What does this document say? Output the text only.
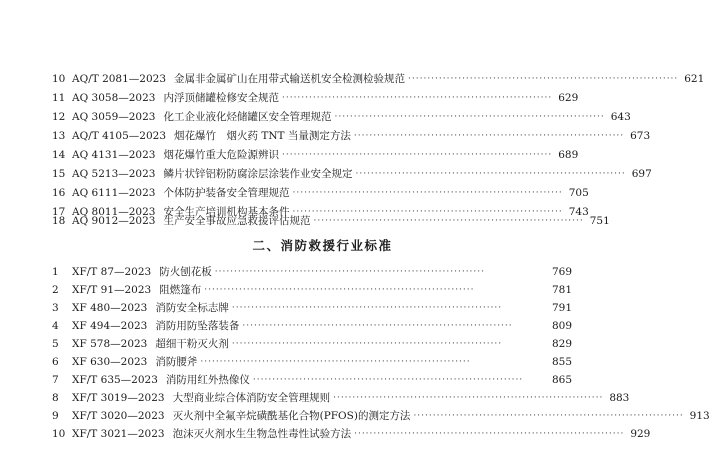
10 AQ/T 2081—2023 金属非金属矿山在用带式输送机安全检测检验规范 ······································································ 621
11 AQ 3058—2023 内浮顶储罐检修安全规范 ······································································ 629
12 AQ 3059—2023 化工企业液化烃储罐区安全管理规范 ······································································ 643
13 AQ/T 4105—2023 烟花爆竹　烟火药 TNT 当量测定方法 ······································································ 673
14 AQ 4131—2023 烟花爆竹重大危险源辨识 ······································································ 689
15 AQ 5213—2023 鳞片状锌铝粉防腐涂层涂装作业安全规定 ······································································ 697
16 AQ 6111—2023 个体防护装备安全管理规范 ······································································ 705
17 AQ 8011—2023 安全生产培训机构基本条件 ······································································ 743
18 AQ 9012—2023 生产安全事故应急救援评估规范 ······································································ 751
二、消防救援行业标准
1	XF/T 87—2023 防火刨花板 ······································································	769
2	XF/T 91—2023 阻燃篷布 ······································································	781
3	XF 480—2023 消防安全标志牌 ······································································	791
4	XF 494—2023 消防用防坠落装备 ······································································	809
5	XF 578—2023 超细干粉灭火剂 ······································································	829
6	XF 630—2023 消防腰斧 ······································································	855
7	XF/T 635—2023 消防用红外热像仪 ······································································	865
8	XF/T 3019—2023 大型商业综合体消防安全管理规则 ······································································ 883
9	XF/T 3020—2023 灭火剂中全氟辛烷磺酰基化合物(PFOS)的测定方法 ······································································ 913
10 XF/T 3021—2023 泡沫灭火剂水生生物急性毒性试验方法 ······································································ 929
